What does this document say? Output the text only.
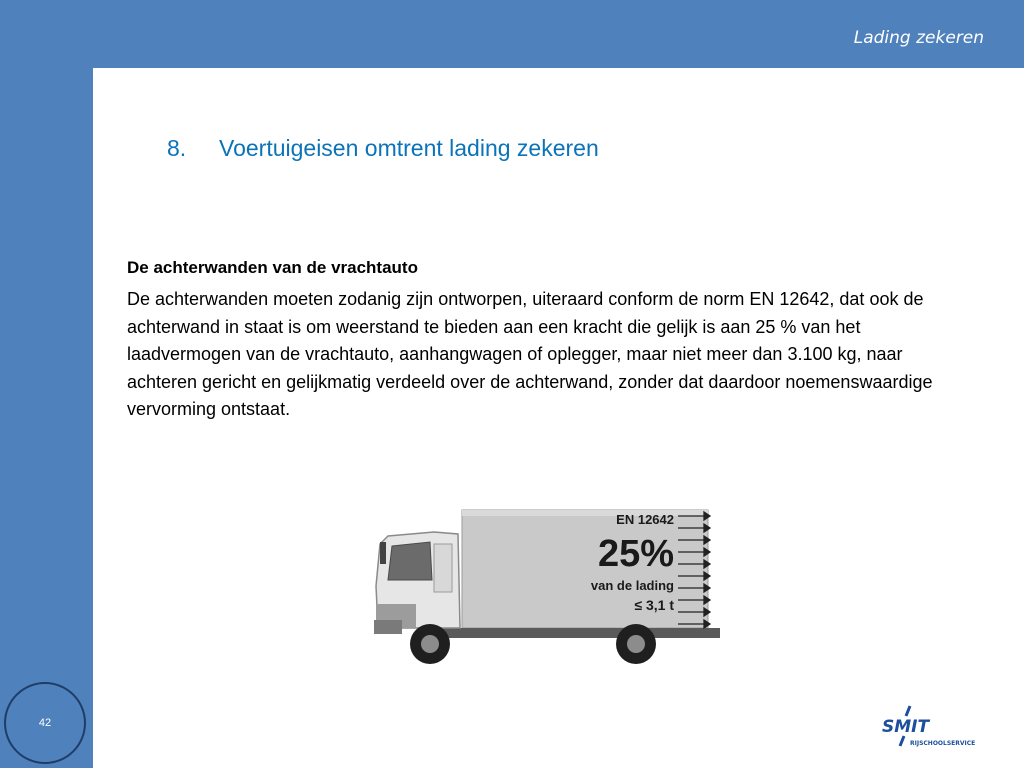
Lading zekeren
8. Voertuigeisen omtrent lading zekeren

De achterwanden van de vrachtauto

De achterwanden moeten zodanig zijn ontworpen, uiteraard conform de norm EN 12642, dat ook de achterwand in staat is om weerstand te bieden aan een kracht die gelijk is aan 25 % van het laadvermogen van de vrachtauto, aanhangwagen of oplegger, maar niet meer dan 3.100 kg, naar achteren gericht en gelijkmatig verdeeld over de achterwand, zonder dat daardoor noemenswaardige vervorming ontstaat.

EN 12642
25%
van de lading
≤ 3,1 t
42	SMIT
RIJSCHOOLSERVICE
